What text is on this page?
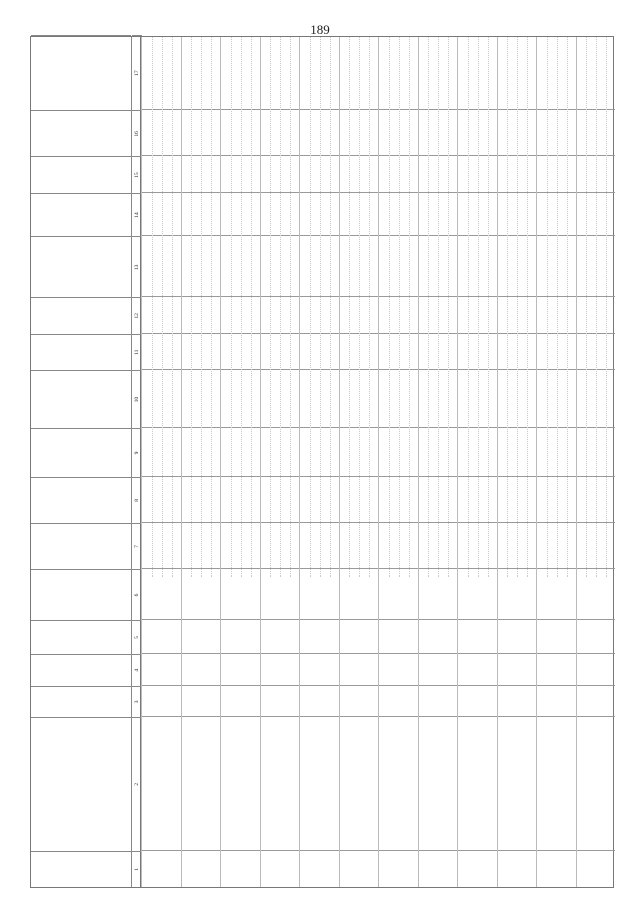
189
1
2
3
4
5
6
7
8
9
10
11
12
13
14
15
16
17
